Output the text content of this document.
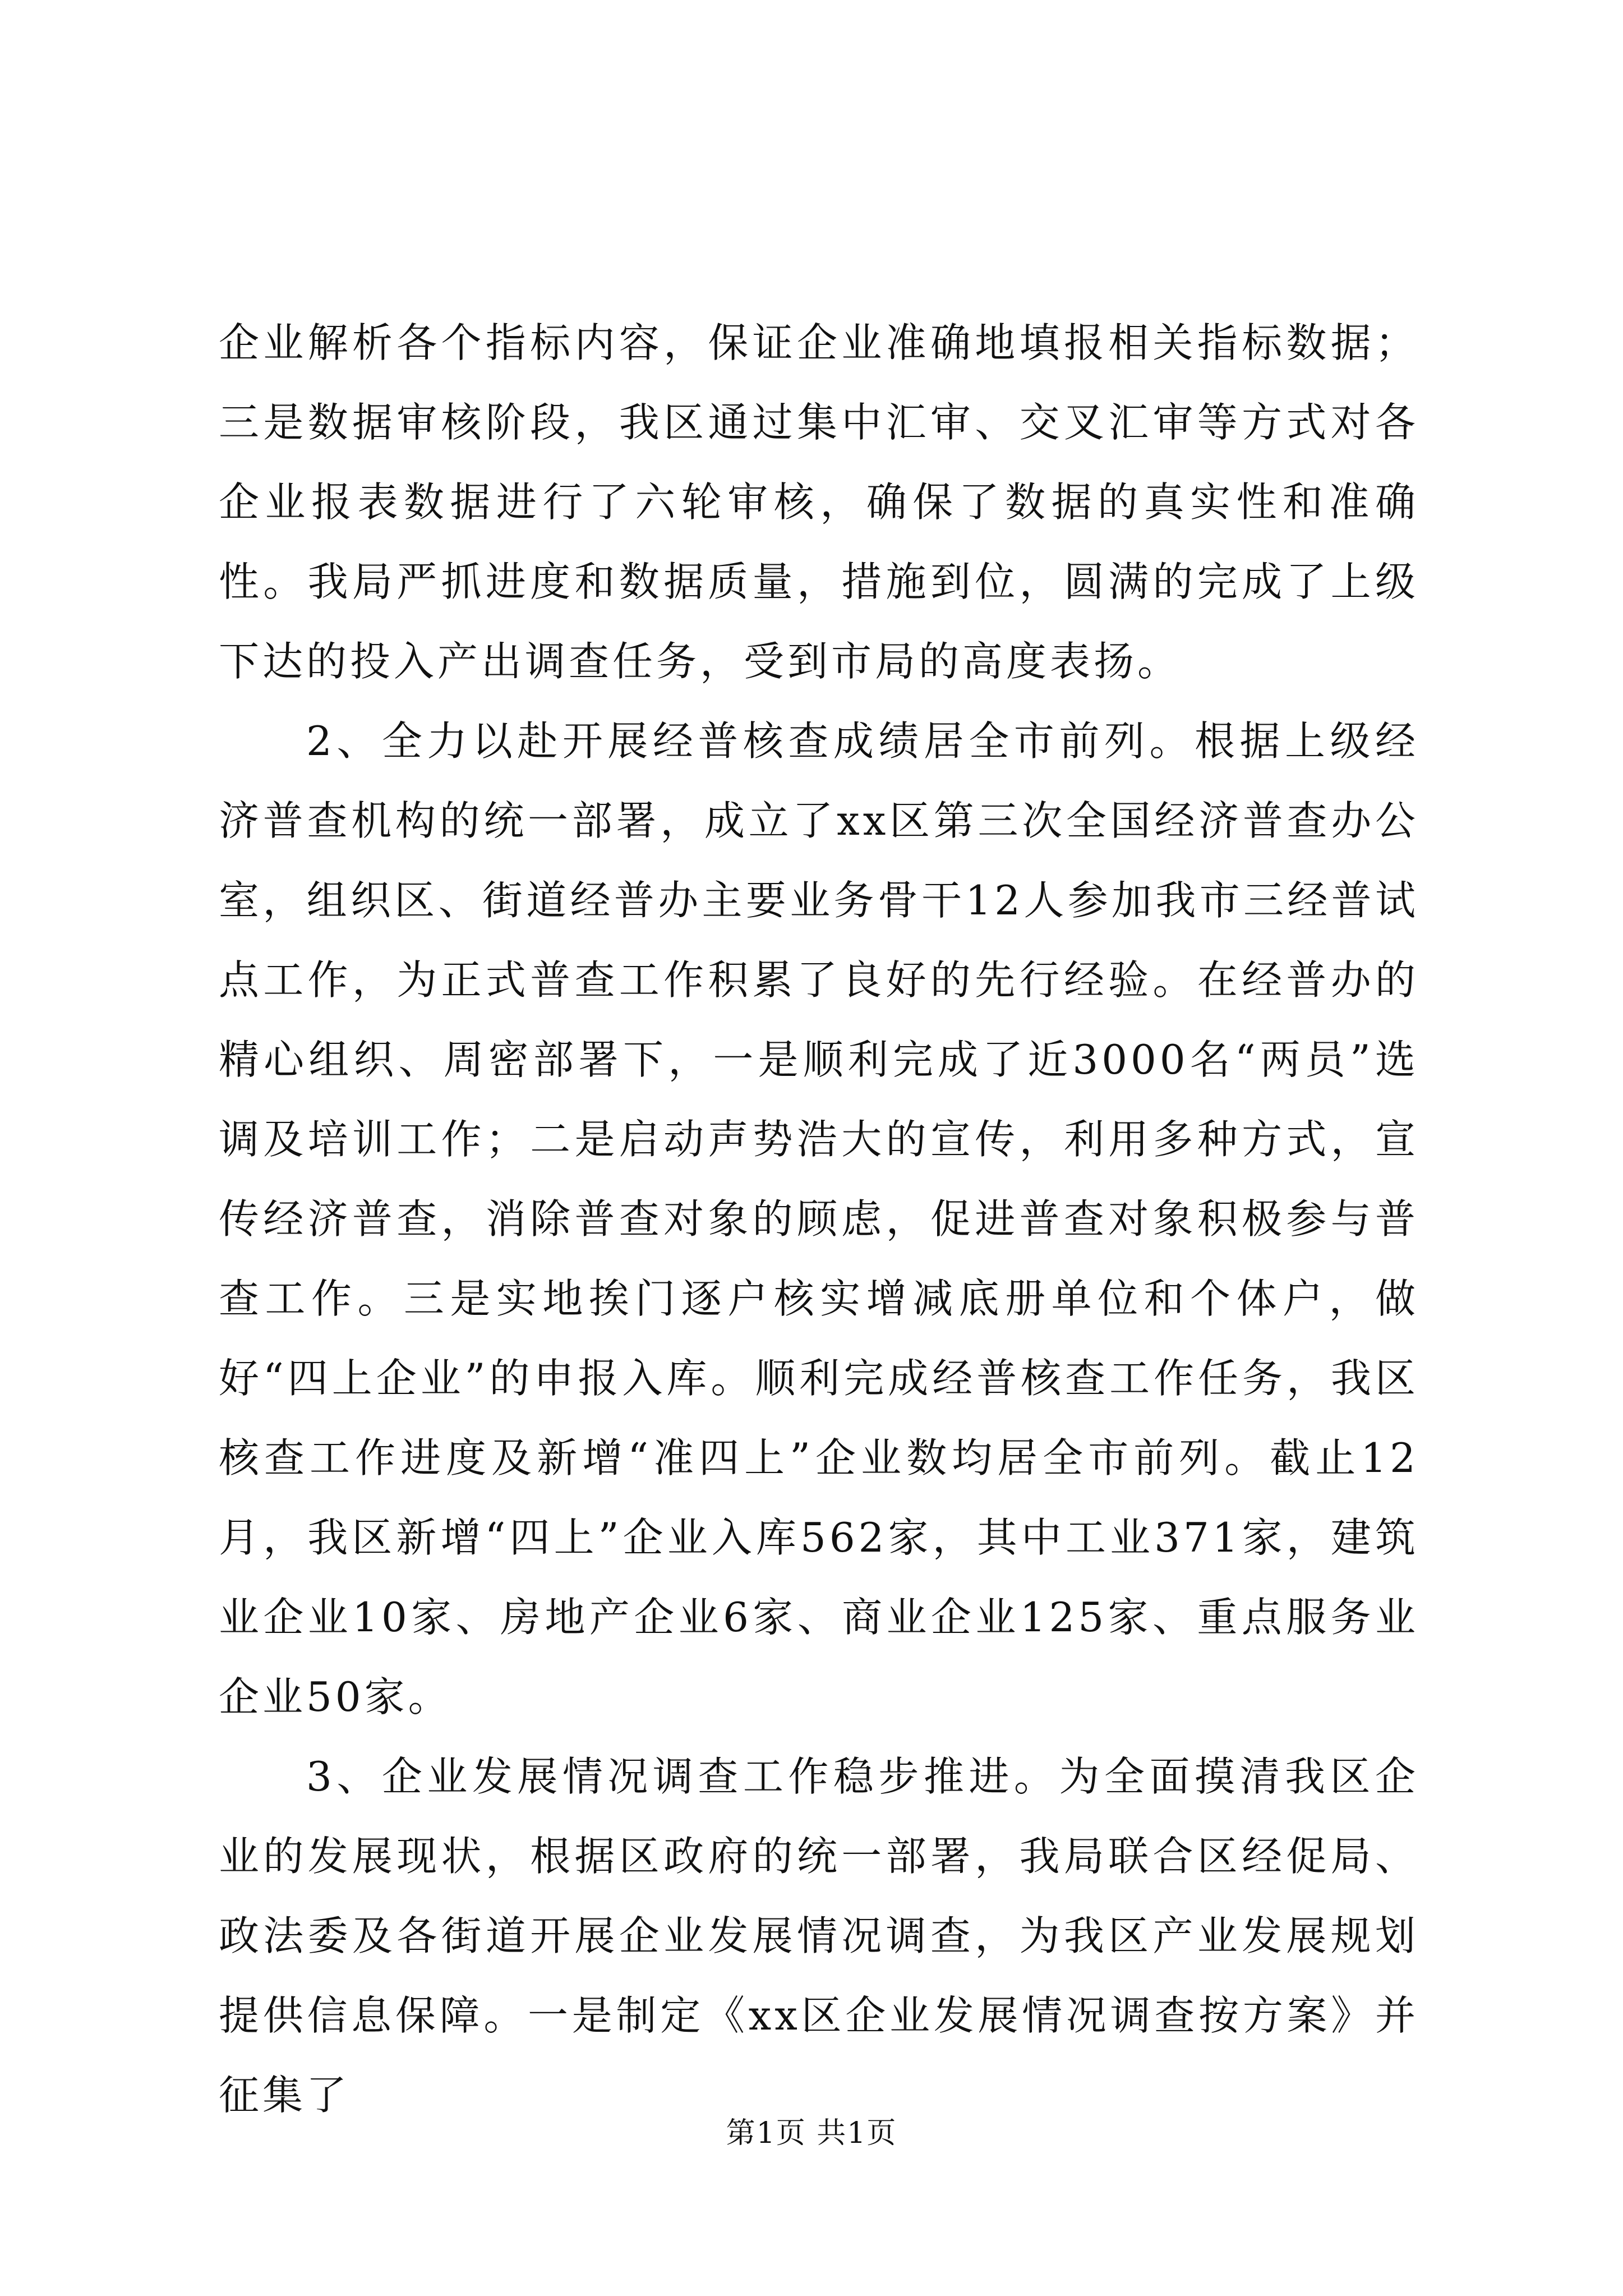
企业解析各个指标内容，保证企业准确地填报相关指标数据；三是数据审核阶段，我区通过集中汇审、交叉汇审等方式对各企业报表数据进行了六轮审核，确保了数据的真实性和准确性。我局严抓进度和数据质量，措施到位，圆满的完成了上级下达的投入产出调查任务，受到市局的高度表扬。

2、全力以赴开展经普核查成绩居全市前列。根据上级经济普查机构的统一部署，成立了xx区第三次全国经济普查办公室，组织区、街道经普办主要业务骨干12人参加我市三经普试点工作，为正式普查工作积累了良好的先行经验。在经普办的精心组织、周密部署下，一是顺利完成了近3000名“两员”选调及培训工作；二是启动声势浩大的宣传，利用多种方式，宣传经济普查，消除普查对象的顾虑，促进普查对象积极参与普查工作。三是实地挨门逐户核实增减底册单位和个体户，做好“四上企业”的申报入库。顺利完成经普核查工作任务，我区核查工作进度及新增“准四上”企业数均居全市前列。截止12月，我区新增“四上”企业入库562家，其中工业371家，建筑业企业10家、房地产企业6家、商业企业125家、重点服务业企业50家。

3、企业发展情况调查工作稳步推进。为全面摸清我区企业的发展现状，根据区政府的统一部署，我局联合区经促局、政法委及各街道开展企业发展情况调查，为我区产业发展规划提供信息保障。一是制定《xx区企业发展情况调查按方案》并征集了

第1页 共1页
